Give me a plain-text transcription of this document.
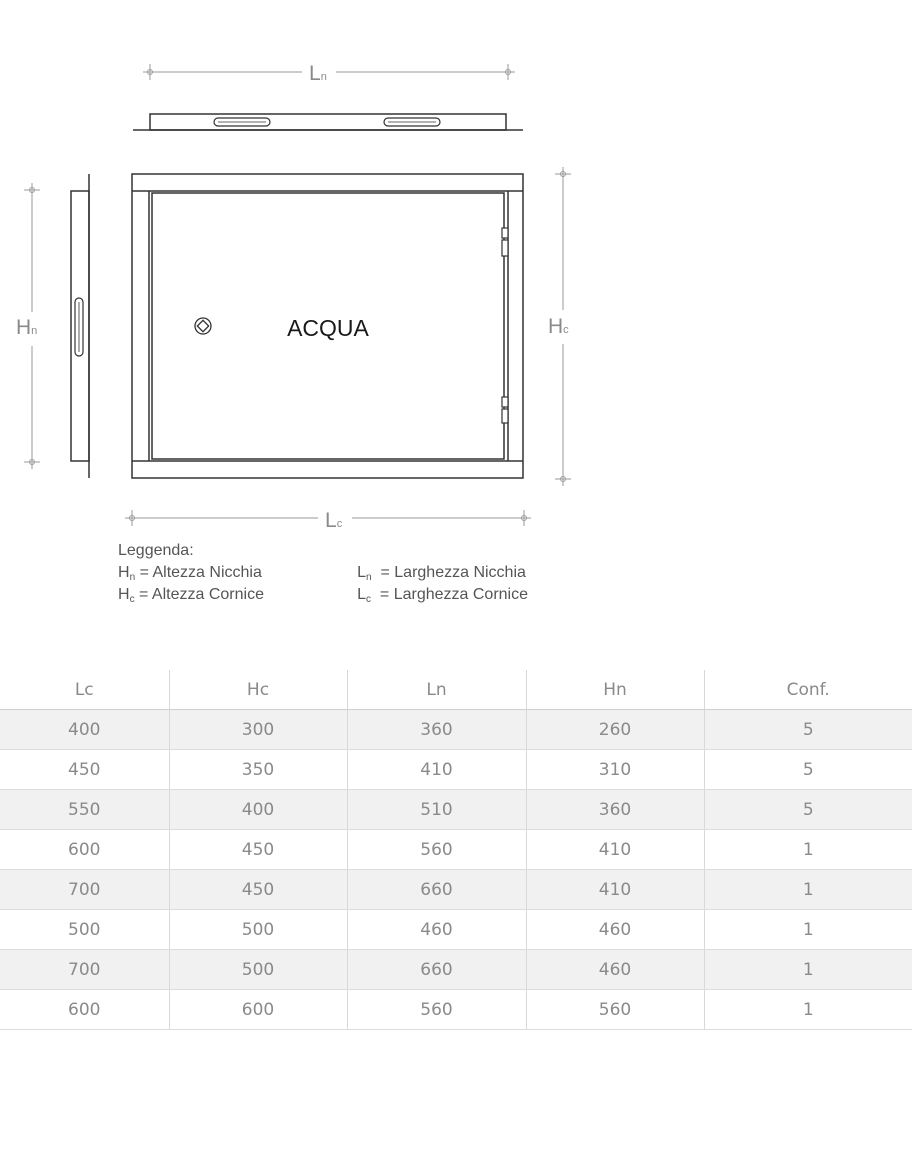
Ln
Hn	ACQUA	Hc
Lc
Leggenda:
Hn = Altezza Nicchia
Hc = Altezza Cornice
Ln  = Larghezza Nicchia
Lc  = Larghezza Cornice
Lc	Hc	Ln	Hn	Conf.
400	300	360	260	5
450	350	410	310	5
550	400	510	360	5
600	450	560	410	1
700	450	660	410	1
500	500	460	460	1
700	500	660	460	1
600	600	560	560	1
